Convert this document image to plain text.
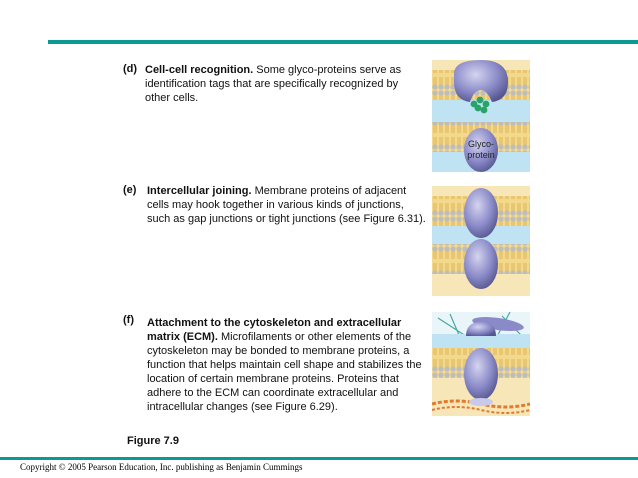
(d) Cell-cell recognition. Some glyco-proteins serve as identification tags that are specifically recognized by other cells.
(e) Intercellular joining. Membrane proteins of adjacent cells may hook together in various kinds of junctions, such as gap junctions or tight junctions (see Figure 6.31).
(f) Attachment to the cytoskeleton and extracellular matrix (ECM). Microfilaments or other elements of the cytoskeleton may be bonded to membrane proteins, a function that helps maintain cell shape and stabilizes the location of certain membrane proteins. Proteins that adhere to the ECM can coordinate extracellular and intracellular changes (see Figure 6.29).
Glyco-
protein
Figure 7.9
Copyright © 2005 Pearson Education, Inc. publishing as Benjamin Cummings
